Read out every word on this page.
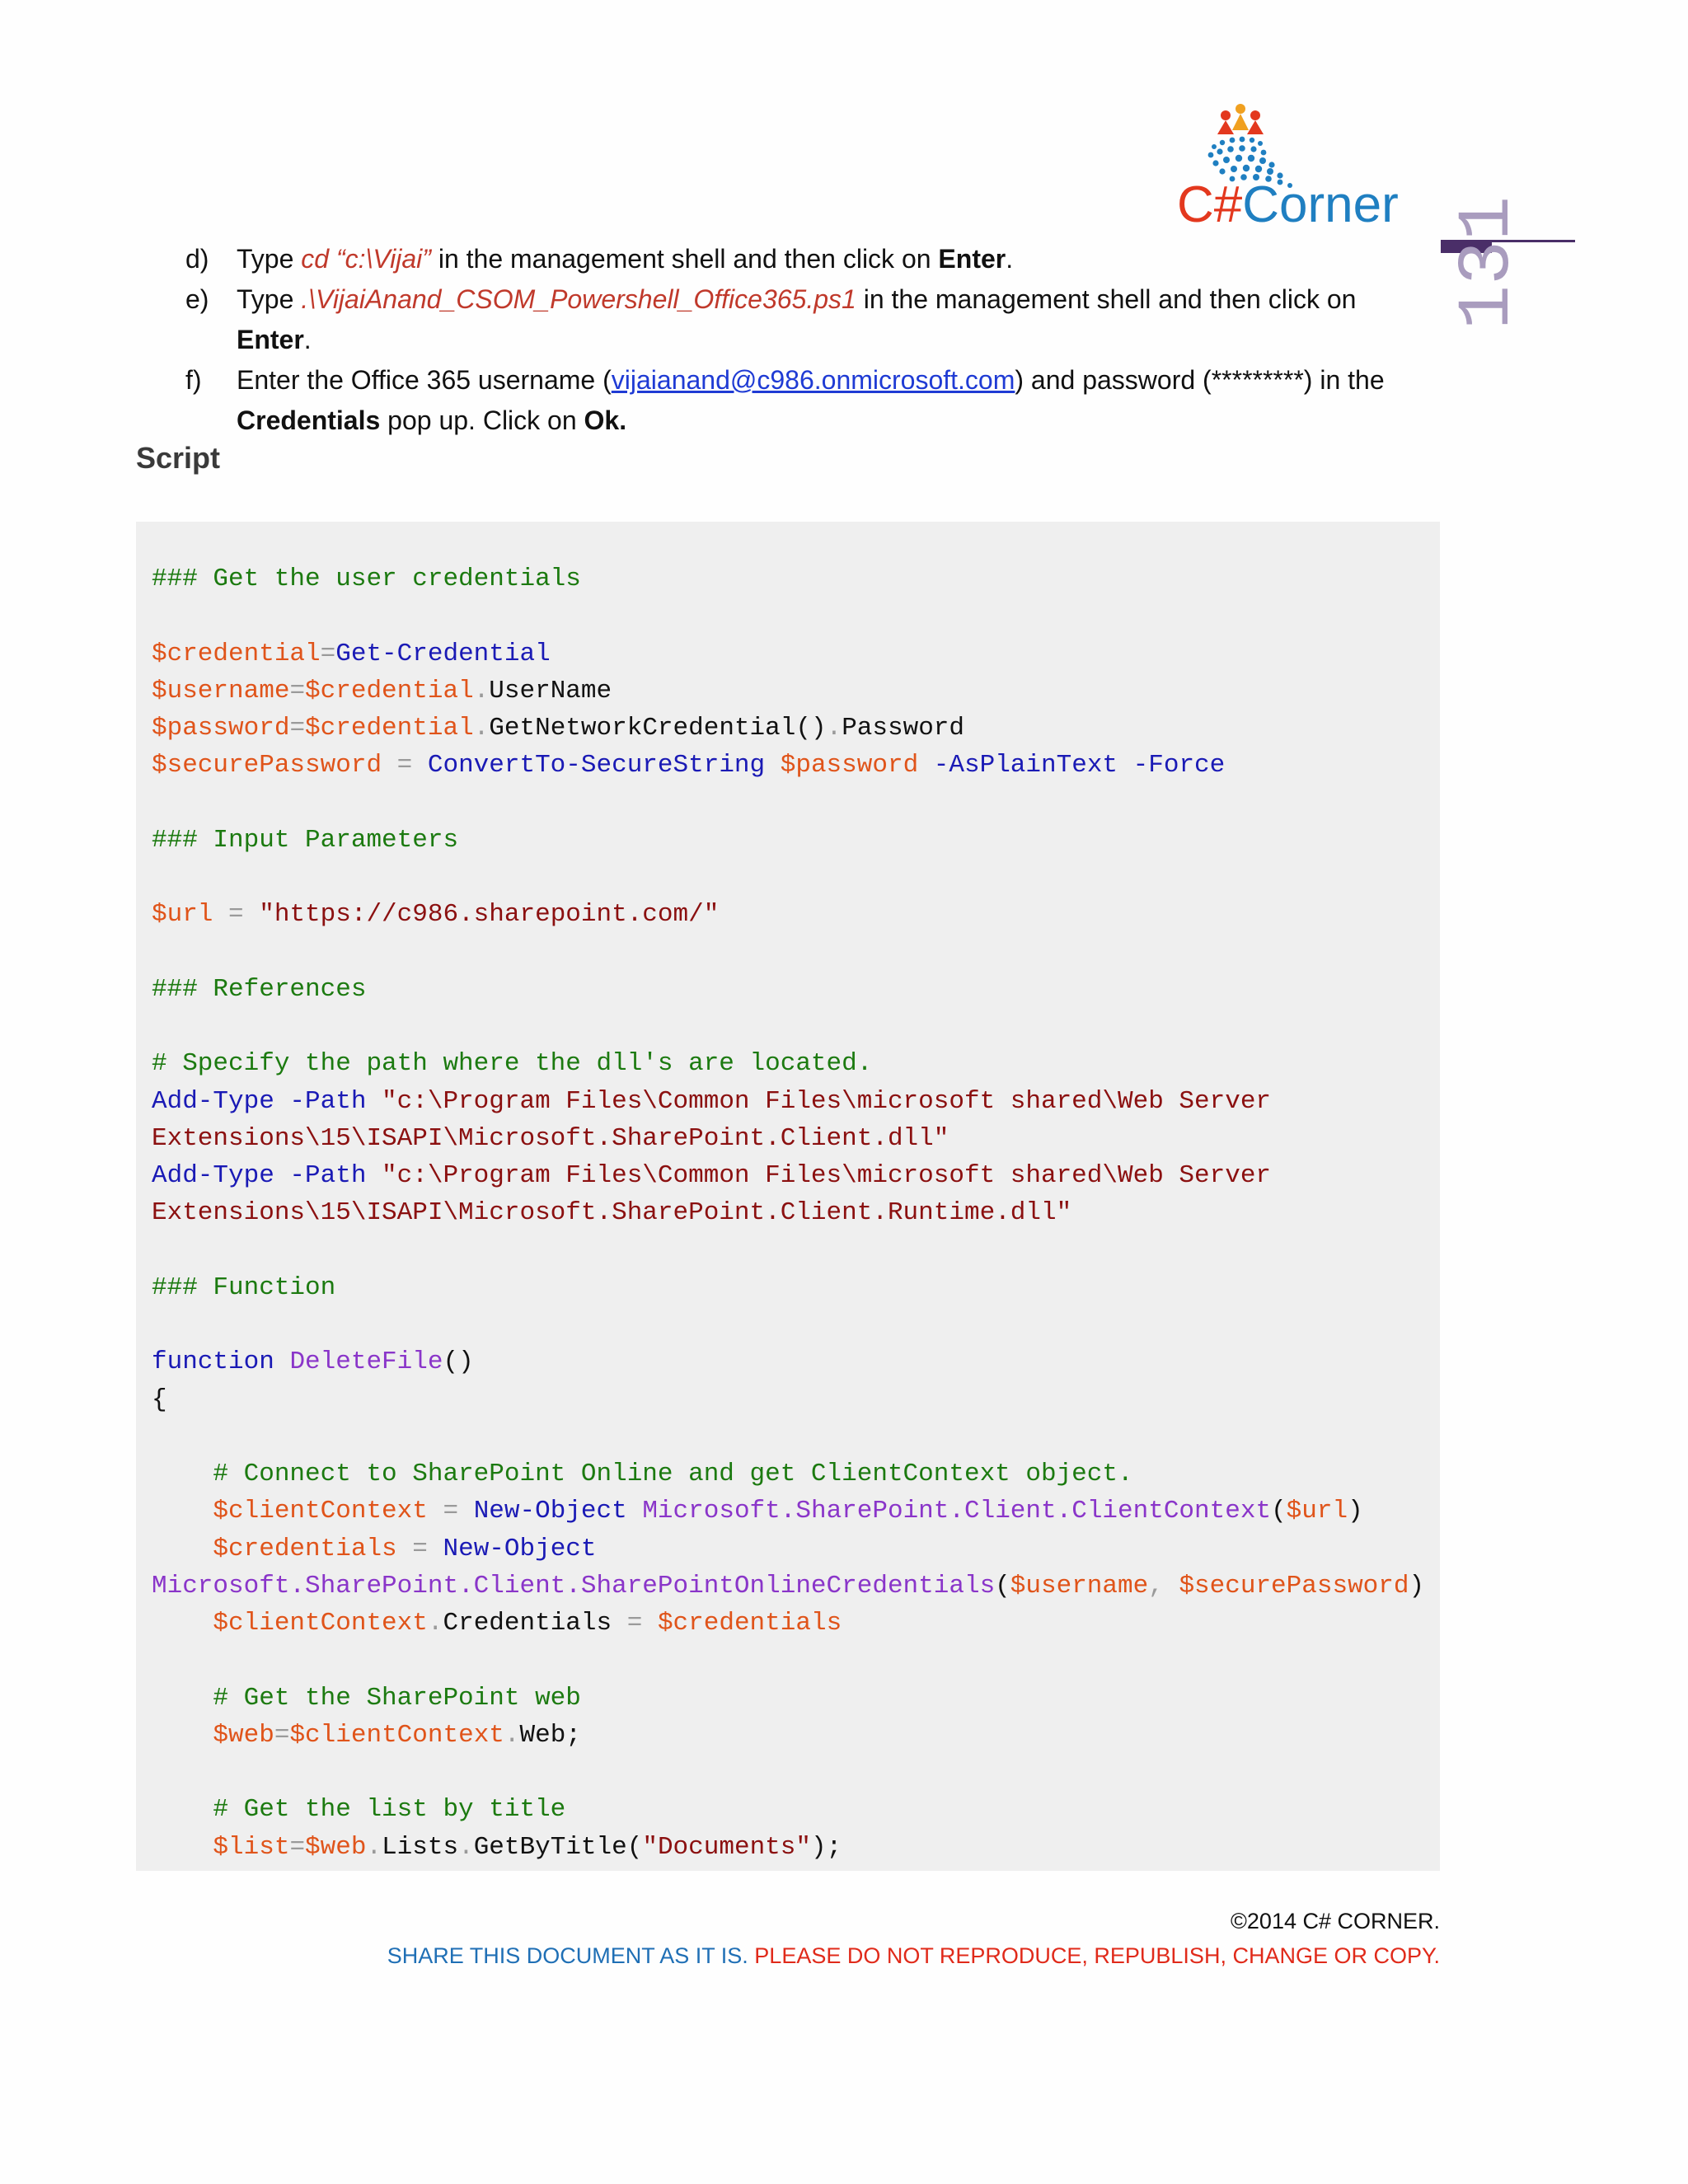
C#Corner 131
d) Type cd “c:\Vijai” in the management shell and then click on Enter.
e) Type .\VijaiAnand_CSOM_Powershell_Office365.ps1 in the management shell and then click on Enter.
f) Enter the Office 365 username (vijaianand@c986.onmicrosoft.com) and password (*********) in the Credentials pop up. Click on Ok.
Script
### Get the user credentials
$credential=Get-Credential
$username=$credential.UserName
$password=$credential.GetNetworkCredential().Password
$securePassword = ConvertTo-SecureString $password -AsPlainText -Force
### Input Parameters
$url = "https://c986.sharepoint.com/"
### References
# Specify the path where the dll's are located.
Add-Type -Path "c:\Program Files\Common Files\microsoft shared\Web Server
Extensions\15\ISAPI\Microsoft.SharePoint.Client.dll"
Add-Type -Path "c:\Program Files\Common Files\microsoft shared\Web Server
Extensions\15\ISAPI\Microsoft.SharePoint.Client.Runtime.dll"
### Function
function DeleteFile()
{
# Connect to SharePoint Online and get ClientContext object.
$clientContext = New-Object Microsoft.SharePoint.Client.ClientContext($url)
$credentials = New-Object
Microsoft.SharePoint.Client.SharePointOnlineCredentials($username, $securePassword)
$clientContext.Credentials = $credentials
# Get the SharePoint web
$web=$clientContext.Web;
# Get the list by title
$list=$web.Lists.GetByTitle("Documents");
©2014 C# CORNER.
SHARE THIS DOCUMENT AS IT IS. PLEASE DO NOT REPRODUCE, REPUBLISH, CHANGE OR COPY.
